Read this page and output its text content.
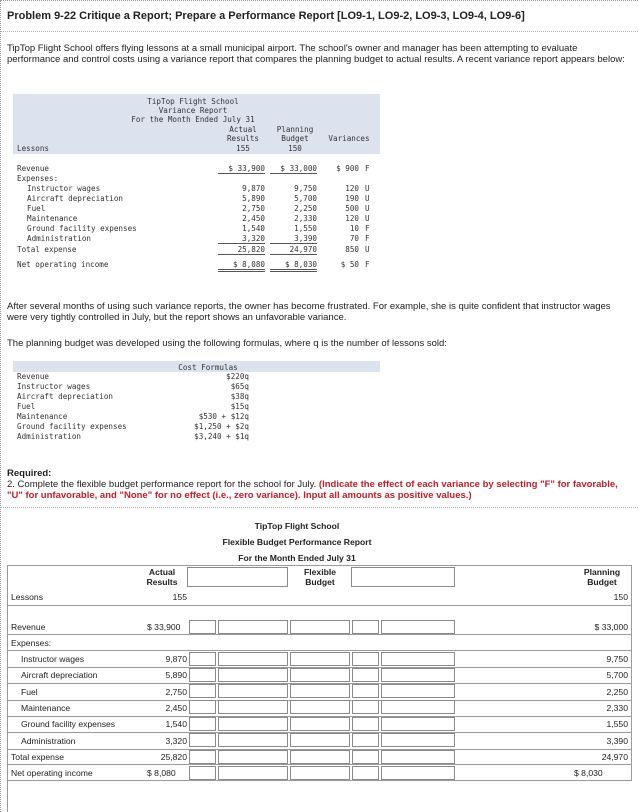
Problem 9-22 Critique a Report; Prepare a Performance Report [LO9-1, LO9-2, LO9-3, LO9-4, LO9-6]
TipTop Flight School offers flying lessons at a small municipal airport. The school's owner and manager has been attempting to evaluate performance and control costs using a variance report that compares the planning budget to actual results. A recent variance report appears below:
TipTop Flight School
Variance Report
For the Month Ended July 31
Actual
Results
Planning
Budget	Variances
Lessons	155	150
Revenue	$ 33,900	$ 33,000	$ 900 F
Expenses:
Instructor wages	9,870	9,750	120 U
Aircraft depreciation	5,890	5,700	190 U
Fuel	2,750	2,250	500 U
Maintenance	2,450	2,330	120 U
Ground facility expenses	1,540	1,550	10 F
Administration	3,320	3,390	70 F
Total expense	25,820	24,970	850 U
Net operating income	$ 8,080	$ 8,030	$ 50 F
After several months of using such variance reports, the owner has become frustrated. For example, she is quite confident that instructor wages were very tightly controlled in July, but the report shows an unfavorable variance.
The planning budget was developed using the following formulas, where q is the number of lessons sold:
Cost Formulas
Revenue	$220q
Instructor wages	$65q
Aircraft depreciation	$38q
Fuel	$15q
Maintenance	$530 + $12q
Ground facility expenses	$1,250 + $2q
Administration	$3,240 + $1q
Required:
2. Complete the flexible budget performance report for the school for July. (Indicate the effect of each variance by selecting "F" for favorable, "U" for unfavorable, and "None" for no effect (i.e., zero variance). Input all amounts as positive values.)
TipTop Flight School
Flexible Budget Performance Report
For the Month Ended July 31
Actual
Results
Flexible
Budget
Planning
Budget
Lessons	155	150
Revenue	$ 33,900	$ 33,000
Expenses:
Instructor wages	9,870	9,750
Aircraft depreciation	5,890	5,700
Fuel	2,750	2,250
Maintenance	2,450	2,330
Ground facility expenses	1,540	1,550
Administration	3,320	3,390
Total expense	25,820	24,970
Net operating income	$ 8,080	$ 8,030
